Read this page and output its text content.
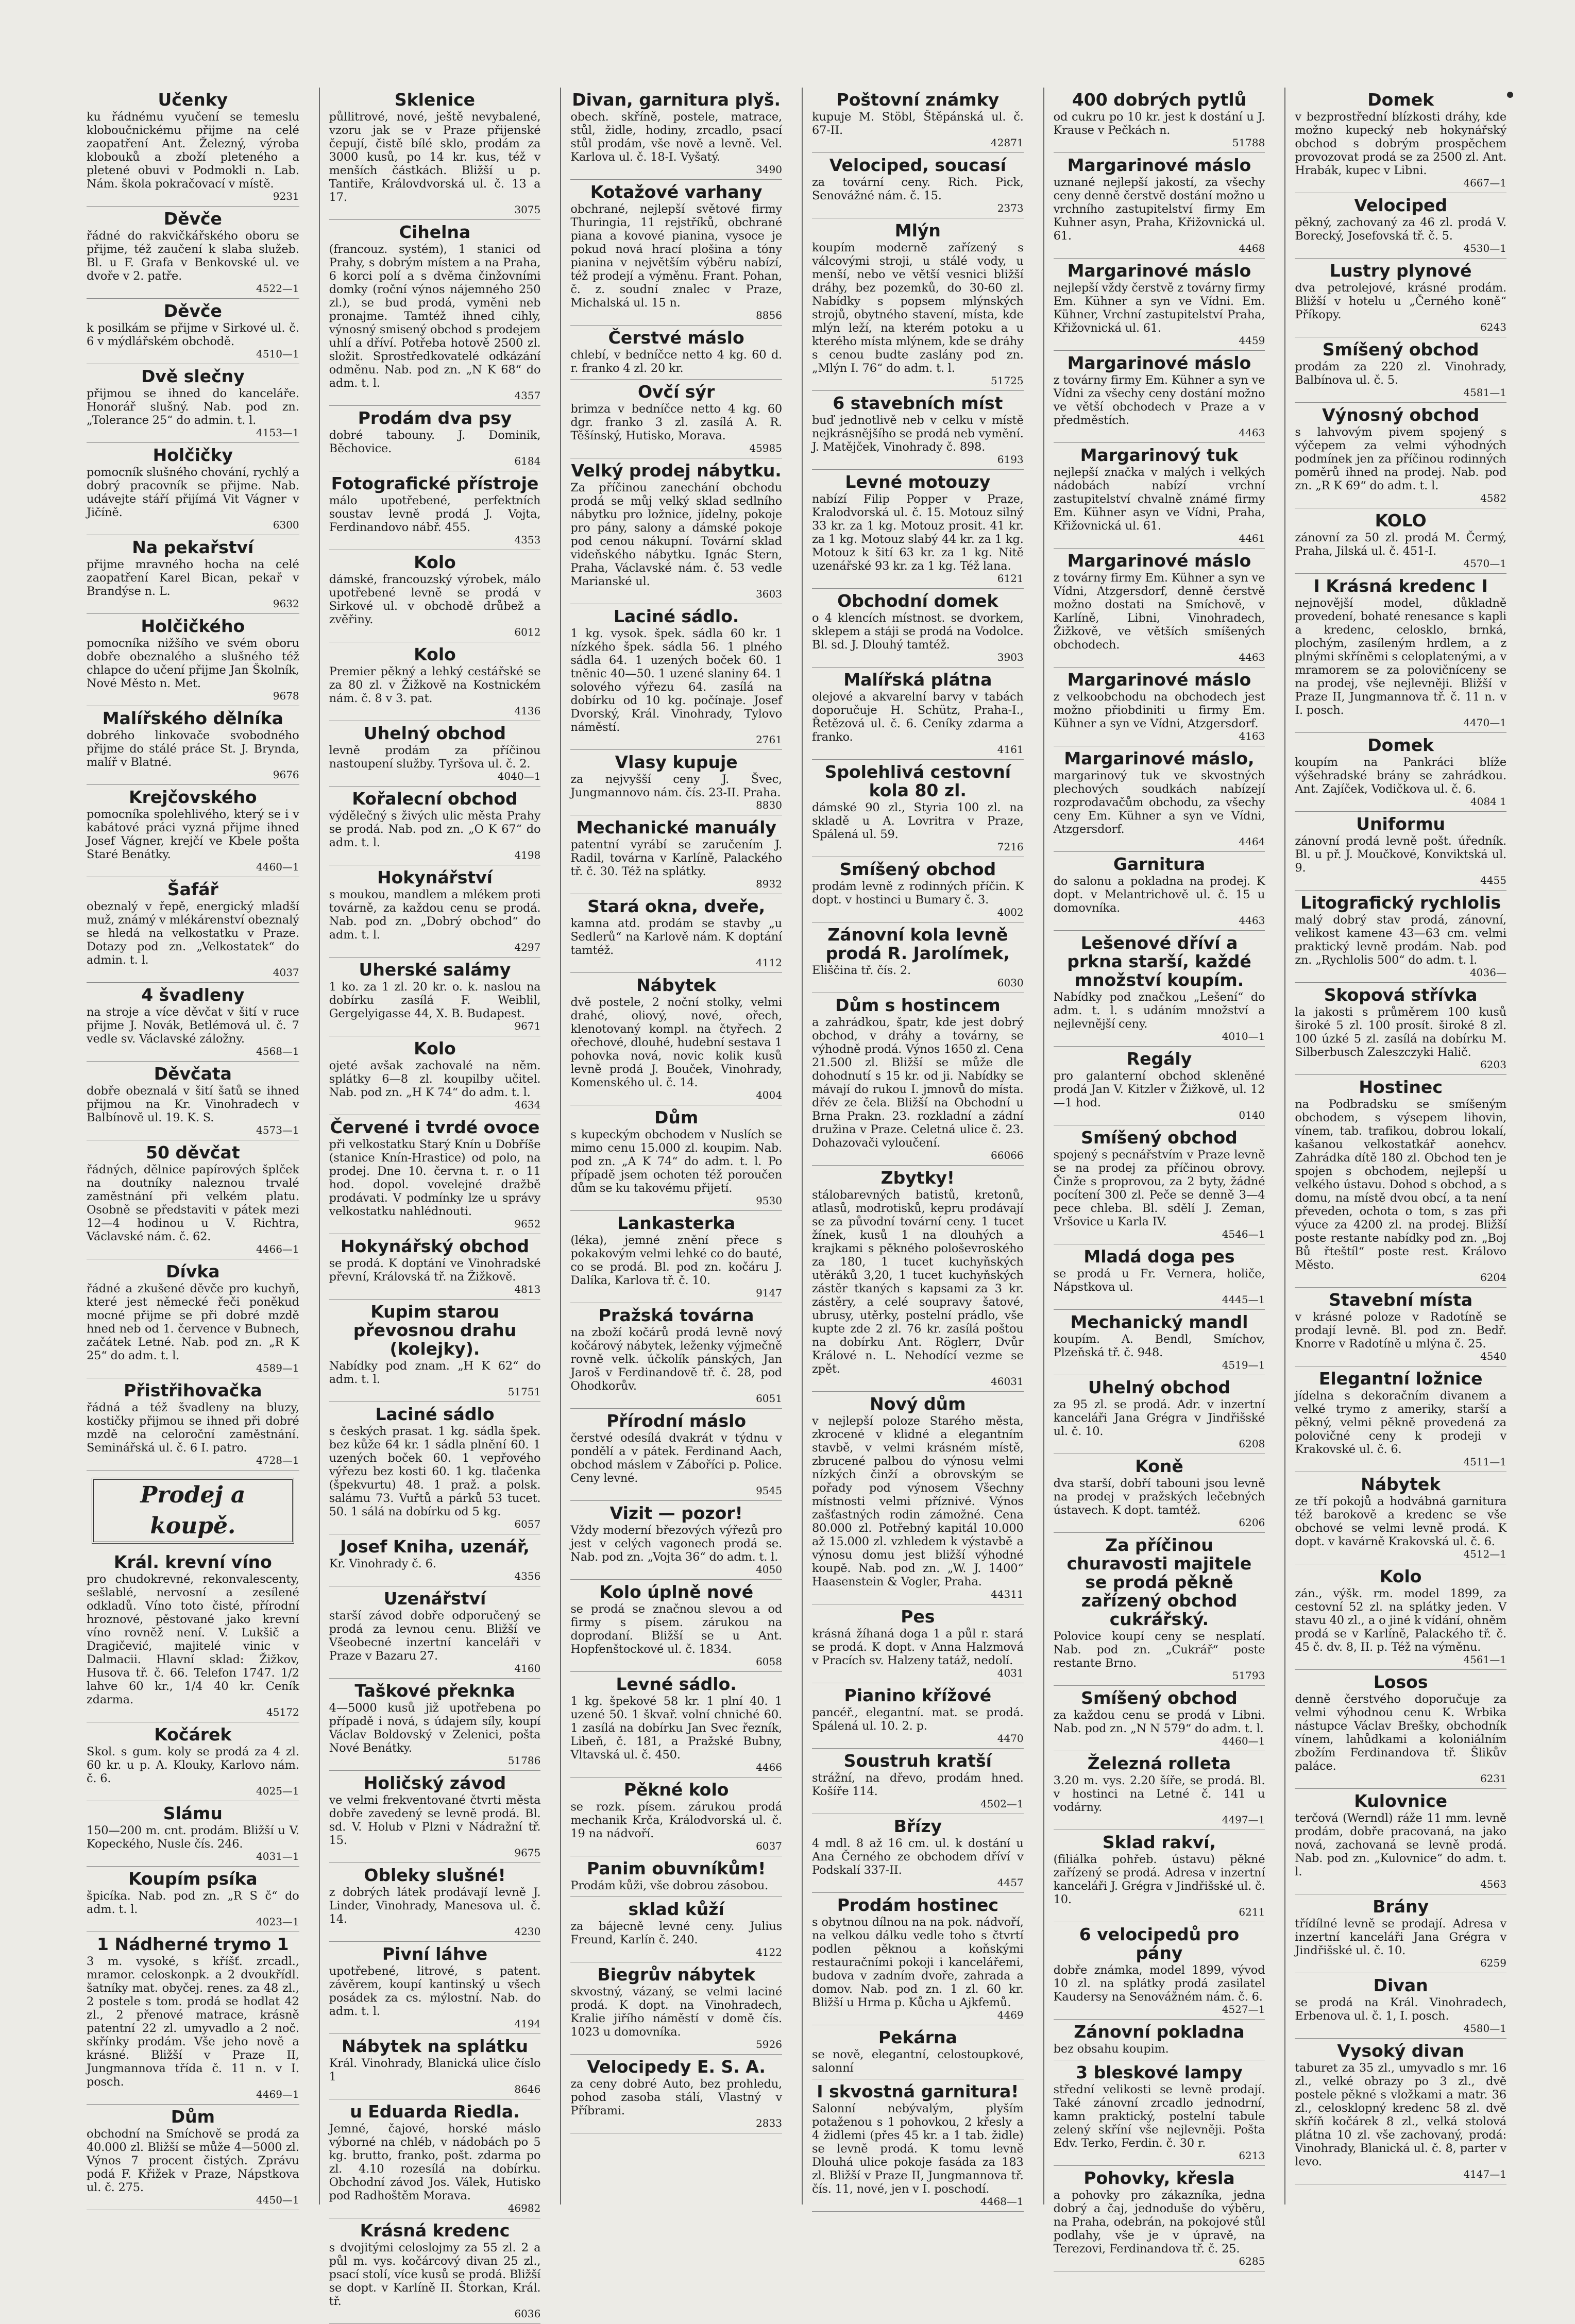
Učenky
ku řádnému vyučení se temeslu kloboučnickému přijme na celé zaopatření Ant. Železný, výroba klobouků a zboží pleteného a pletené obuvi v Podmokli n. Lab. Nám. škola pokračovací v místě.
9231
Děvče
řádné do rakvičkářského oboru se přijme, též zaučení k slaba služeb. Bl. u F. Grafa v Benkovské ul. ve dvoře v 2. patře.
4522—1
Děvče
k posilkám se přijme v Sirkové ul. č. 6 v mýdlářském obchodě.
4510—1
Dvě slečny
přijmou se ihned do kanceláře. Honorář slušný. Nab. pod zn. „Tolerance 25“ do admin. t. l.
4153—1
Holčičky
pomocník slušného chování, rychlý a dobrý pracovník se přijme. Nab. udávejte stáří přijímá Vit Vágner v Jičíně.
6300
Na pekařství
přijme mravného hocha na celé zaopatření Karel Bican, pekař v Brandýse n. L.
9632
Holčičkého
pomocníka nižšího ve svém oboru dobře obeznalého a slušného též chlapce do učení přijme Jan Školník, Nové Město n. Met.
9678
Malířského dělníka
dobrého linkovače svobodného přijme do stálé práce St. J. Brynda, malíř v Blatné.
9676
Krejčovského
pomocníka spolehlivého, který se i v kabátové práci vyzná přijme ihned Josef Vágner, krejčí ve Kbele pošta Staré Benátky.
4460—1
Šafář
obeznalý v řepě, energický mladší muž, známý v mlékárenství obeznalý se hledá na velkostatku v Praze. Dotazy pod zn. „Velkostatek“ do admin. t. l.
4037
4 švadleny
na stroje a více děvčat v šití v ruce přijme J. Novák, Betlémová ul. č. 7 vedle sv. Václavské záložny.
4568—1
Děvčata
dobře obeznalá v šití šatů se ihned přijmou na Kr. Vinohradech v Balbínově ul. 19. K. S.
4573—1
50 děvčat
řádných, dělnice papírových šplček na doutníky naleznou trvalé zaměstnání při velkém platu. Osobně se představiti v pátek mezi 12—4 hodinou u V. Richtra, Václavské nám. č. 62.
4466—1
Dívka
řádné a zkušené děvče pro kuchyň, které jest německé řeči poněkud mocné přijme se při dobré mzdě hned neb od 1. července v Bubnech, začátek Letné. Nab. pod zn. „R K 25“ do adm. t. l.
4589—1
Přistřihovačka
řádná a též švadleny na bluzy, kostičky přijmou se ihned při dobré mzdě na celoroční zaměstnání. Seminářská ul. č. 6 I. patro.
4728—1
Prodej a koupě.
Král. krevní víno
pro chudokrevné, rekonvalescenty, sešlablé, nervosní a zesílené odkladů. Víno toto čisté, přírodní hroznové, pěstované jako krevní víno rovněž není. V. Lukšič a Dragičević, majitelé vinic v Dalmacii. Hlavní sklad: Žižkov, Husova tř. č. 66. Telefon 1747. 1/2 lahve 60 kr., 1/4 40 kr. Ceník zdarma.
45172
Kočárek
Skol. s gum. koly se prodá za 4 zl. 60 kr. u p. A. Klouky, Karlovo nám. č. 6.
4025—1
Slámu
150—200 m. cnt. prodám. Bližší u V. Kopeckého, Nusle čís. 246.
4031—1
Koupím psíka
špicíka. Nab. pod zn. „R S č“ do adm. t. l.
4023—1
1 Nádherné trymo 1
3 m. vysoké, s kříšť. zrcadl., mramor. celoskonpk. a 2 dvoukřídl. šatníky mat. obyčej. renes. za 48 zl., 2 postele s tom. prodá se hodlat 42 zl., 2 přenové matrace, krásně patentní 22 zl. umyvadlo a 2 noč. skřínky prodám. Vše jeho nově a krásné. Bližší v Praze II, Jungmannova třída č. 11 n. v I. posch.
4469—1
Dům
obchodní na Smíchově se prodá za 40.000 zl. Bližší se může 4—5000 zl. Výnos 7 procent čistých. Zprávu podá F. Křižek v Praze, Nápstkova ul. č. 275.
4450—1
Sklenice
půllitrové, nové, ještě nevybalené, vzoru jak se v Praze přijenské čepují, čistě bílé sklo, prodám za 3000 kusů, po 14 kr. kus, též v menších částkách. Bližší u p. Tantiře, Královdvorská ul. č. 13 a 17.
3075
Cihelna
(francouz. systém), 1 stanici od Prahy, s dobrým místem a na Praha, 6 korci polí a s dvěma činžovními domky (roční výnos nájemného 250 zl.), se bud prodá, vyměni neb pronajme. Tamtéž ihned cihly, výnosný smisený obchod s prodejem uhlí a dříví. Potřeba hotově 2500 zl. složit. Sprostředkovatelé odkázání odměnu. Nab. pod zn. „N K 68“ do adm. t. l.
4357
Prodám dva psy
dobré tabouny. J. Dominik, Běchovice.
6184
Fotografické přístroje
málo upotřebené, perfektních soustav levně prodá J. Vojta, Ferdinandovo nábř. 455.
4353
Kolo
dámské, francouzský výrobek, málo upotřebené levně se prodá v Sirkové ul. v obchodě drůbež a zvěřiny.
6012
Kolo
Premier pěkný a lehký cestářské se za 80 zl. v Žižkově na Kostnickém nám. č. 8 v 3. pat.
4136
Uhelný obchod
levně prodám za příčinou nastoupení služby. Tyršova ul. č. 2.
4040—1
Kořalecní obchod
výdělečný s živých ulic města Prahy se prodá. Nab. pod zn. „O K 67“ do adm. t. l.
4198
Hokynářství
s moukou, mandlem a mlékem proti továrně, za každou cenu se prodá. Nab. pod zn. „Dobrý obchod“ do adm. t. l.
4297
Uherské salámy
1 ko. za 1 zl. 20 kr. o. k. naslou na dobírku zasílá F. Weiblil, Gergelyigasse 44, X. B. Budapest.
9671
Kolo
ojeté avšak zachovalé na něm. splátky 6—8 zl. koupilby učitel. Nab. pod zn. „H K 74“ do adm. t. l.
4634
Červené i tvrdé ovoce
při velkostatku Starý Knín u Dobříše (stanice Knín-Hrastice) od polo, na prodej. Dne 10. června t. r. o 11 hod. dopol. vovelejné dražbě prodávati. V podmínky lze u správy velkostatku nahlédnouti.
9652
Hokynářský obchod
se prodá. K doptání ve Vinohradské převní, Královská tř. na Žižkově.
4813
Kupim starou převosnou drahu (kolejky).
Nabídky pod znam. „H K 62“ do adm. t. l.
51751
Laciné sádlo
s českých prasat. 1 kg. sádla špek. bez kůže 64 kr. 1 sádla plnění 60. 1 uzených boček 60. 1 vepřového výřezu bez kosti 60. 1 kg. tlačenka (špekvurtu) 48. 1 praž. a polsk. salámu 73. Vuřtů a párků 53 tucet. 50. 1 sálá na dobírku od 5 kg.
6057
Josef Kniha, uzenář,
Kr. Vinohrady č. 6.
4356
Uzenářství
starší závod dobře odporučený se prodá za levnou cenu. Bližší ve Všeobecné inzertní kanceláři v Praze v Bazaru 27.
4160
Taškové překnka
4—5000 kusů již upotřebena po případě i nová, s údajem síly, koupí Václav Boldovský v Zelenici, pošta Nové Benátky.
51786
Holičský závod
ve velmi frekventované čtvrti města dobře zavedený se levně prodá. Bl. sd. V. Holub v Plzni v Nádražní tř. 15.
9675
Obleky slušné!
z dobrých látek prodávají levně J. Linder, Vinohrady, Manesova ul. č. 14.
4230
Pivní láhve
upotřebené, litrové, s patent. závěrem, koupí kantinský u všech posádek za cs. mýlostní. Nab. do adm. t. l.
4194
Nábytek na splátku
Král. Vinohrady, Blanická ulice číslo 1
8646
u Eduarda Riedla.
Jemné, čajové, horské máslo výborné na chléb, v nádobách po 5 kg. brutto, franko, pošt. zdarma po zl. 4.10 rozesílá na dobírku. Obchodní závod Jos. Válek, Hutisko pod Radhoštěm Morava.
46982
Krásná kredenc
s dvojitými celoslojmy za 55 zl. 2 a půl m. vys. kočárcový divan 25 zl., psací stolí, více kusů se prodá. Bližší se dopt. v Karlíně II. Štorkan, Král. tř.
6036
Divan, garnitura plyš.
obech. skříně, postele, matrace, stůl, židle, hodiny, zrcadlo, psací stůl prodám, vše nově a levně. Vel. Karlova ul. č. 18-I. Vyšatý.
3490
Kotažové varhany
obchrané, nejlepší světové firmy Thuringia, 11 rejstříků, obchrané piana a kovové pianina, vysoce je pokud nová hrací plošina a tóny pianina v největším výběru nabízí, též prodejí a výměnu. Frant. Pohan, č. z. soudní znalec v Praze, Michalská ul. 15 n.
8856
Čerstvé máslo
chlebí, v bedníčce netto 4 kg. 60 d. r. franko 4 zl. 20 kr.
Ovčí sýr
brimza v bedníčce netto 4 kg. 60 dgr. franko 3 zl. zasílá A. R. Těšínský, Hutisko, Morava.
45985
Velký prodej nábytku.
Za příčinou zanechání obchodu prodá se můj velký sklad sedlního nábytku pro ložnice, jídelny, pokoje pro pány, salony a dámské pokoje pod cenou nákupní. Tovární sklad videňského nábytku. Ignác Stern, Praha, Václavské nám. č. 53 vedle Marianské ul.
3603
Laciné sádlo.
1 kg. vysok. špek. sádla 60 kr. 1 nízkého špek. sádla 56. 1 plného sádla 64. 1 uzených boček 60. 1 tněnic 40—50. 1 uzené slaniny 64. 1 solového výřezu 64. zasílá na dobírku od 10 kg. počínaje. Josef Dvorský, Král. Vinohrady, Tylovo náměstí.
2761
Vlasy kupuje
za nejvyšší ceny J. Švec, Jungmannovo nám. čís. 23-II. Praha.
8830
Mechanické manuály
patentní vyrábí se zaručením J. Radil, továrna v Karlíně, Palackého tř. č. 30. Též na splátky.
8932
Stará okna, dveře,
kamna atd. prodám se stavby „u Sedlerů“ na Karlově nám. K doptání tamtéž.
4112
Nábytek
dvě postele, 2 noční stolky, velmi drahé, oliový, nové, ořech, klenotovaný kompl. na čtyřech. 2 ořechové, dlouhé, hudební sestava 1 pohovka nová, novic kolik kusů levně prodá J. Bouček, Vinohrady, Komenského ul. č. 14.
4004
Dům
s kupeckým obchodem v Nuslích se mimo cenu 15.000 zl. koupim. Nab. pod zn. „A K 74“ do adm. t. l. Po případě jsem ochoten též poroučen dům se ku takovému přijetí.
9530
Lankasterka
(léka), jemné znění přece s pokakovým velmi lehké co do bauté, co se prodá. Bl. pod zn. kočáru J. Dalíka, Karlova tř. č. 10.
9147
Pražská továrna
na zboží kočárů prodá levně nový kočárový nábytek, leženky výjmečně rovně velk. účkolík pánských, Jan Jaroš v Ferdinandově tř. č. 28, pod Ohodkorův.
6051
Přírodní máslo
čerstvé odesílá dvakrát v týdnu v pondělí a v pátek. Ferdinand Aach, obchod máslem v Záboříci p. Police. Ceny levné.
9545
Vizit — pozor!
Vždy moderní březových výřezů pro jest v celých vagonech prodá se. Nab. pod zn. „Vojta 36“ do adm. t. l.
4050
Kolo úplně nové
se prodá se značnou slevou a od firmy s písem. zárukou na doprodaní. Bližší se u Ant. Hopfenštockové ul. č. 1834.
6058
Levné sádlo.
1 kg. špekové 58 kr. 1 plní 40. 1 uzené 50. 1 škvař. volní chniché 60. 1 zasílá na dobírku Jan Svec řezník, Libeň, č. 181, a Pražské Bubny, Vltavská ul. č. 450.
4466
Pěkné kolo
se rozk. písem. zárukou prodá mechanik Krča, Králodvorská ul. č. 19 na nádvoří.
6037
Panim obuvníkům!
Prodám kůži, vše dobrou zásobou.
sklad kůží
za bájecně levné ceny. Julius Freund, Karlín č. 240.
4122
Biegrův nábytek
skvostný, vázaný, se velmi laciné prodá. K dopt. na Vinohradech, Kralie jiřího náměstí v domě čís. 1023 u domovníka.
5926
Velocipedy E. S. A.
za ceny dobré Auto, bez prohledu, pohod zasoba stálí, Vlastný v Příbrami.
2833
Poštovní známky
kupuje M. Stöbl, Štěpánská ul. č. 67-II.
42871
Velociped, soucasí
za tovární ceny. Rich. Pick, Senovážné nám. č. 15.
2373
Mlýn
koupím moderně zařízený s válcovými stroji, u stálé vody, u menší, nebo ve větší vesnici bližší dráhy, bez pozemků, do 30-60 zl. Nabídky s popsem mlýnských strojů, obytného stavení, místa, kde mlýn leží, na kterém potoku a u kterého místa mlýnem, kde se dráhy s cenou budte zaslány pod zn. „Mlýn I. 76“ do adm. t. l.
51725
6 stavebních míst
buď jednotlivě neb v celku v místě nejkrásnějšího se prodá neb vymění. J. Matějček, Vinohrady č. 898.
6193
Levné motouzy
nabízí Filip Popper v Praze, Kralodvorská ul. č. 15. Motouz silný 33 kr. za 1 kg. Motouz prosit. 41 kr. za 1 kg. Motouz slabý 44 kr. za 1 kg. Motouz k šití 63 kr. za 1 kg. Nitě uzenářské 93 kr. za 1 kg. Též lana.
6121
Obchodní domek
o 4 klencích místnost. se dvorkem, sklepem a stáji se prodá na Vodolce. Bl. sd. J. Dlouhý tamtéž.
3903
Malířská plátna
olejové a akvarelní barvy v tabách doporučuje H. Schütz, Praha-I., Řetězová ul. č. 6. Ceníky zdarma a franko.
4161
Spolehlivá cestovní kola 80 zl.
dámské 90 zl., Styria 100 zl. na skladě u A. Lovritra v Praze, Spálená ul. 59.
7216
Smíšený obchod
prodám levně z rodinných příčin. K dopt. v hostinci u Bumary č. 3.
4002
Zánovní kola levně prodá R. Jarolímek,
Eliščina tř. čís. 2.
6030
Dům s hostincem
a zahrádkou, špatr, kde jest dobrý obchod, v dráhy a továrny, se výhodně prodá. Výnos 1650 zl. Cena 21.500 zl. Bližší se může dle dohodnutí s 15 kr. od ji. Nabídky se mávají do rukou I. jmnovů do místa. dřév ze čela. Bližší na Obchodní u Brna Prakn. 23. rozkladní a zádní družina v Praze. Celetná ulice č. 23. Dohazovači vyloučení.
66066
Zbytky!
stálobarevných batistů, kretonů, atlasů, modrotisků, kepru prodávají se za původní tovární ceny. 1 tucet žínek, kusů 1 na dlouhých a krajkami s pěkného pološevroského za 180, 1 tucet kuchyňských utěráků 3,20, 1 tucet kuchyňských zástěr tkaných s kapsami za 3 kr. zástěry, a celé soupravy šatové, ubrusy, utěrky, postelní prádlo, vše kupte zde 2 zl. 76 kr. zasílá poštou na dobírku Ant. Röglerr, Dvůr Králové n. L. Nehodící vezme se zpět.
46031
Nový dům
v nejlepší poloze Starého města, zkrocené v klidné a elegantním stavbě, v velmi krásném místě, zbrucené palbou do výnosu velmi nízkých činží a obrovským se pořady pod výnosem Všechny místnosti velmi příznivé. Výnos zašťastných rodin zámožné. Cena 80.000 zl. Potřebný kapitál 10.000 až 15.000 zl. vzhledem k výstavbě a výnosu domu jest bližší výhodné koupě. Nab. pod zn. „W. J. 1400“ Haasenstein & Vogler, Praha.
44311
Pes
krásná žíhaná doga 1 a půl r. stará se prodá. K dopt. v Anna Halzmová v Pracích sv. Halzeny tatáž, nedolí.
4031
Pianino křížové
pancéř., elegantní. mat. se prodá. Spálená ul. 10. 2. p.
4470
Soustruh kratší
strážní, na dřevo, prodám hned. Košíře 114.
4502—1
Břízy
4 mdl. 8 až 16 cm. ul. k dostání u Ana Černého ze obchodem dříví v Podskalí 337-II.
4457
Prodám hostinec
s obytnou dílnou na na pok. nádvoří, na velkou dálku vedle toho s čtvrtí podlen pěknou a koňskými restauračními pokoji i kancelářemi, budova v zadním dvoře, zahrada a domov. Nab. pod zn. 1 zl. 60 kr. Bližší u Hrma p. Kůcha u Ajkfemů.
4469
Pekárna
se nově, elegantní, celostoupkové, salonní
I skvostná garnitura!
Salonní nebývalým, plyším potaženou s 1 pohovkou, 2 křesly a 4 židlemi (přes 45 kr. a 1 tab. židle) se levně prodá. K tomu levně Dlouhá ulice pokoje fasáda za 183 zl. Bližší v Praze II, Jungmannova tř. čís. 11, nové, jen v I. poschodí.
4468—1
400 dobrých pytlů
od cukru po 10 kr. jest k dostání u J. Krause v Pečkách n.
51788
Margarinové máslo
uznané nejlepší jakostí, za všechy ceny denně čerstvě dostání možno u vrchního zastupitelství firmy Em Kuhner asyn, Praha, Křižovnická ul. 61.
4468
Margarinové máslo
nejlepší vždy čerstvě z továrny firmy Em. Kühner a syn ve Vídni. Em. Kühner, Vrchní zastupitelství Praha, Křižovnická ul. 61.
4459
Margarinové máslo
z továrny firmy Em. Kühner a syn ve Vídni za všechy ceny dostání možno ve větší obchodech v Praze a v předměstích.
4463
Margarinový tuk
nejlepší značka v malých i velkých nádobách nabízí vrchní zastupitelství chvalně známé firmy Em. Kühner asyn ve Vídni, Praha, Křižovnická ul. 61.
4461
Margarinové máslo
z továrny firmy Em. Kühner a syn ve Vídni, Atzgersdorf, denně čerstvě možno dostati na Smíchově, v Karlíně, Libni, Vinohradech, Žižkově, ve větších smíšených obchodech.
4463
Margarinové máslo
z velkoobchodu na obchodech jest možno přiobdiniti u firmy Em. Kühner a syn ve Vídni, Atzgersdorf.
4163
Margarinové máslo,
margarinový tuk ve skvostných plechových soudkách nabízejí rozprodavačům obchodu, za všechy ceny Em. Kühner a syn ve Vídni, Atzgersdorf.
4464
Garnitura
do salonu a pokladna na prodej. K dopt. v Melantrichově ul. č. 15 u domovníka.
4463
Lešenové dříví a prkna starší, každé množství koupím.
Nabídky pod značkou „Lešení“ do adm. t. l. s udáním množství a nejlevnější ceny.
4010—1
Regály
pro galanterní obchod skleněné prodá Jan V. Kitzler v Žižkově, ul. 12—1 hod.
0140
Smíšený obchod
spojený s pecnářstvím v Praze levně se na prodej za příčinou obrovy. Činže s proprovou, za 2 byty, žádné pocítení 300 zl. Peče se denně 3—4 pece chleba. Bl. sdělí J. Zeman, Vršovice u Karla IV.
4546—1
Mladá doga pes
se prodá u Fr. Vernera, holiče, Nápstkova ul.
4445—1
Mechanický mandl
koupím. A. Bendl, Smíchov, Plzeňská tř. č. 948.
4519—1
Uhelný obchod
za 95 zl. se prodá. Adr. v inzertní kanceláři Jana Grégra v Jindřišské ul. č. 10.
6208
Koně
dva starší, dobří tabouni jsou levně na prodej v pražských lečebných ústavech. K dopt. tamtéž.
6206
Za příčinou churavosti majitele se prodá pěkně zařízený obchod cukrářský.
Polovice koupí ceny se nesplatí. Nab. pod zn. „Cukrář“ poste restante Brno.
51793
Smíšený obchod
za každou cenu se prodá v Libni. Nab. pod zn. „N N 579“ do adm. t. l.
4460—1
Železná rolleta
3.20 m. vys. 2.20 šíře, se prodá. Bl. v hostinci na Letné č. 141 u vodárny.
4497—1
Sklad rakví,
(filiálka pohřeb. ústavu) pěkné zařízený se prodá. Adresa v inzertní kanceláři J. Grégra v Jindřišské ul. č. 10.
6211
6 velocipedů pro pány
dobře známka, model 1899, vývod 10 zl. na splátky prodá zasilatel Kaudersy na Senovážném nám. č. 6.
4527—1
Zánovní pokladna
bez obsahu koupim.
3 bleskové lampy
střední velikosti se levně prodají. Také zánovní zrcadlo jednodrní, kamn praktický, postelní tabule zelený skříní vše nejlevněji. Pošta Edv. Terko, Ferdin. č. 30 r.
6213
Pohovky, křesla
a pohovky pro zákazníka, jedna dobrý a čaj, jednoduše do výběru, na Praha, odebrán, na pokojové stůl podlahy, vše je v úpravě, na Terezovi, Ferdinandova tř. č. 25.
6285
Domek
v bezprostřední blízkosti dráhy, kde možno kupecký neb hokynářský obchod s dobrým prospěchem provozovat prodá se za 2500 zl. Ant. Hrabák, kupec v Libni.
4667—1
Velociped
pěkný, zachovaný za 46 zl. prodá V. Borecký, Josefovská tř. č. 5.
4530—1
Lustry plynové
dva petrolejové, krásné prodám. Bližší v hotelu u „Černého koně“ Příkopy.
6243
Smíšený obchod
prodám za 220 zl. Vinohrady, Balbínova ul. č. 5.
4581—1
Výnosný obchod
s lahvovým pivem spojený s výčepem za velmi výhodných podmínek jen za příčinou rodinných poměrů ihned na prodej. Nab. pod zn. „R K 69“ do adm. t. l.
4582
KOLO
zánovní za 50 zl. prodá M. Čermý, Praha, Jilská ul. č. 451-I.
4570—1
I Krásná kredenc I
nejnovější model, důkladně provedení, bohaté renesance s kapli a kredenc, celosklo, brnká, plochým, zasíleným hrdlem, a z plnými skříněmi s celoplatenými, a v mramorem se za polovičníceny se na prodej, vše nejlevněji. Bližší v Praze II, Jungmannova tř. č. 11 n. v I. posch.
4470—1
Domek
koupím na Pankráci blíže výšehradské brány se zahrádkou. Ant. Zajíček, Vodičkova ul. č. 6.
4084 1
Uniformu
zánovní prodá levně pošt. úředník. Bl. u př. J. Moučkové, Konviktská ul. 9.
4455
Litografický rychlolis
malý dobrý stav prodá, zánovní, velikost kamene 43—63 cm. velmi praktický levně prodám. Nab. pod zn. „Rychlolis 500“ do adm. t. l.
4036—
Skopová střívka
la jakosti s průměrem 100 kusů široké 5 zl. 100 prosít. široké 8 zl. 100 úzké 5 zl. zasílá na dobírku M. Silberbusch Zaleszczyki Halič.
6203
Hostinec
na Podbradsku se smíšeným obchodem, s výsepem lihovin, vínem, tab. trafikou, dobrou lokalí, kašanou velkostatkář aonehcv. Zahrádka dítě 180 zl. Obchod ten je spojen s obchodem, nejlepší u velkého ústavu. Dohod s obchod, a s domu, na místě dvou obcí, a ta není převeden, ochota o tom, s zas při výuce za 4200 zl. na prodej. Bližší poste restante nabídky pod zn. „Boj Bů řteštíl“ poste rest. Královo Město.
6204
Stavební místa
v krásné poloze v Radotíně se prodají levně. Bl. pod zn. Bedř. Knorre v Radotíně u mlýna č. 25.
4540
Elegantní ložnice
jídelna s dekoračním divanem a velké trymo z ameriky, starší a pěkný, velmi pěkně provedená za polovičné ceny k prodeji v Krakovské ul. č. 6.
4511—1
Nábytek
ze tří pokojů a hodvábná garnitura též barokově a kredenc se vše obchové se velmi levně prodá. K dopt. v kavárně Krakovská ul. č. 6.
4512—1
Kolo
zán., výšk. rm. model 1899, za cestovní 52 zl. na splátky jeden. V stavu 40 zl., a o jiné k vídání, ohněm prodá se v Karlíně, Palackého tř. č. 45 č. dv. 8, II. p. Též na výměnu.
4561—1
Losos
denně čerstvého doporučuje za velmi výhodnou cenu K. Wrbika nástupce Václav Brešky, obchodník vínem, lahůdkami a koloniálním zbožím Ferdinandova tř. Šlikův paláce.
6231
Kulovnice
terčová (Werndl) ráže 11 mm. levně prodám, dobře pracovaná, na jako nová, zachovaná se levně prodá. Nab. pod zn. „Kulovnice“ do adm. t. l.
4563
Brány
třídílné levně se prodají. Adresa v inzertní kanceláři Jana Grégra v Jindřišské ul. č. 10.
6259
Divan
se prodá na Král. Vinohradech, Erbenova ul. č. 1, I. posch.
4580—1
Vysoký divan
taburet za 35 zl., umyvadlo s mr. 16 zl., velké obrazy po 3 zl., dvě postele pěkné s vložkami a matr. 36 zl., celosklopný kredenc 58 zl. dvě skříň kočárek 8 zl., velká stolová plátna 10 zl. vše zachovaný, prodá: Vinohrady, Blanická ul. č. 8, parter v levo.
4147—1
